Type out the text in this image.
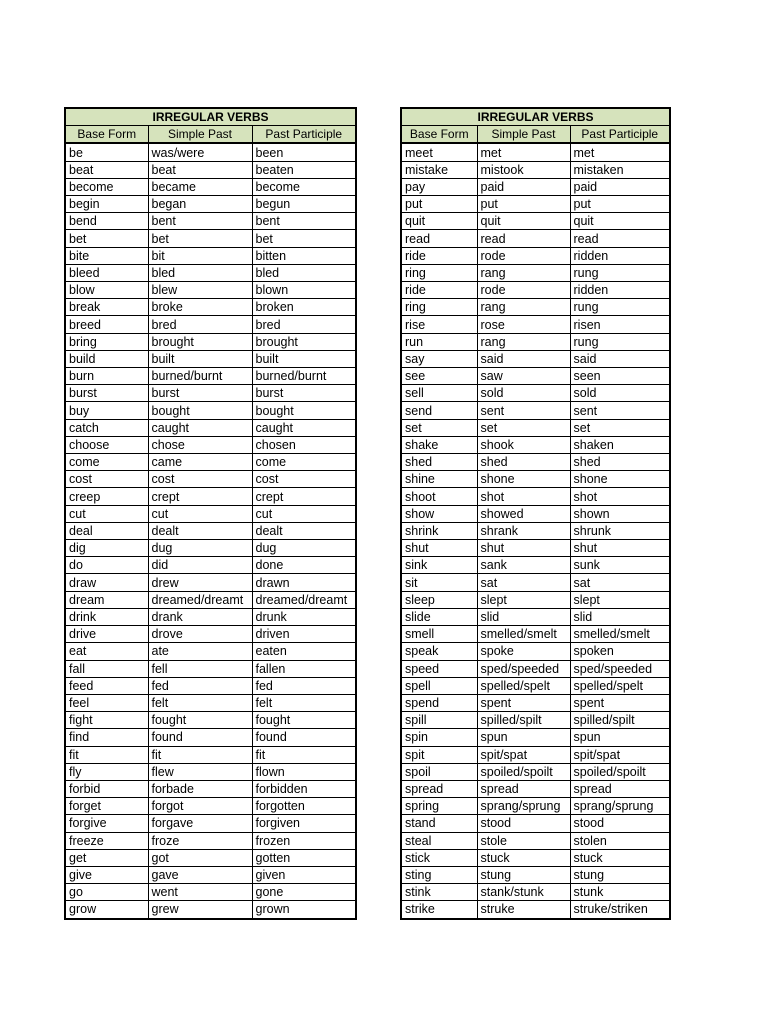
IRREGULAR VERBS		
Base Form	Simple Past	Past Participle
be	was/were	been
beat	beat	beaten
become	became	become
begin	began	begun
bend	bent	bent
bet	bet	bet
bite	bit	bitten
bleed	bled	bled
blow	blew	blown
break	broke	broken
breed	bred	bred
bring	brought	brought
build	built	built
burn	burned/burnt	burned/burnt
burst	burst	burst
buy	bought	bought
catch	caught	caught
choose	chose	chosen
come	came	come
cost	cost	cost
creep	crept	crept
cut	cut	cut
deal	dealt	dealt
dig	dug	dug
do	did	done
draw	drew	drawn
dream	dreamed/dreamt	dreamed/dreamt
drink	drank	drunk
drive	drove	driven
eat	ate	eaten
fall	fell	fallen
feed	fed	fed
feel	felt	felt
fight	fought	fought
find	found	found
fit	fit	fit
fly	flew	flown
forbid	forbade	forbidden
forget	forgot	forgotten
forgive	forgave	forgiven
freeze	froze	frozen
get	got	gotten
give	gave	given
go	went	gone
grow	grew	grown
IRREGULAR VERBS		
Base Form	Simple Past	Past Participle
meet	met	met
mistake	mistook	mistaken
pay	paid	paid
put	put	put
quit	quit	quit
read	read	read
ride	rode	ridden
ring	rang	rung
ride	rode	ridden
ring	rang	rung
rise	rose	risen
run	rang	rung
say	said	said
see	saw	seen
sell	sold	sold
send	sent	sent
set	set	set
shake	shook	shaken
shed	shed	shed
shine	shone	shone
shoot	shot	shot
show	showed	shown
shrink	shrank	shrunk
shut	shut	shut
sink	sank	sunk
sit	sat	sat
sleep	slept	slept
slide	slid	slid
smell	smelled/smelt	smelled/smelt
speak	spoke	spoken
speed	sped/speeded	sped/speeded
spell	spelled/spelt	spelled/spelt
spend	spent	spent
spill	spilled/spilt	spilled/spilt
spin	spun	spun
spit	spit/spat	spit/spat
spoil	spoiled/spoilt	spoiled/spoilt
spread	spread	spread
spring	sprang/sprung	sprang/sprung
stand	stood	stood
steal	stole	stolen
stick	stuck	stuck
sting	stung	stung
stink	stank/stunk	stunk
strike	struke	struke/striken
